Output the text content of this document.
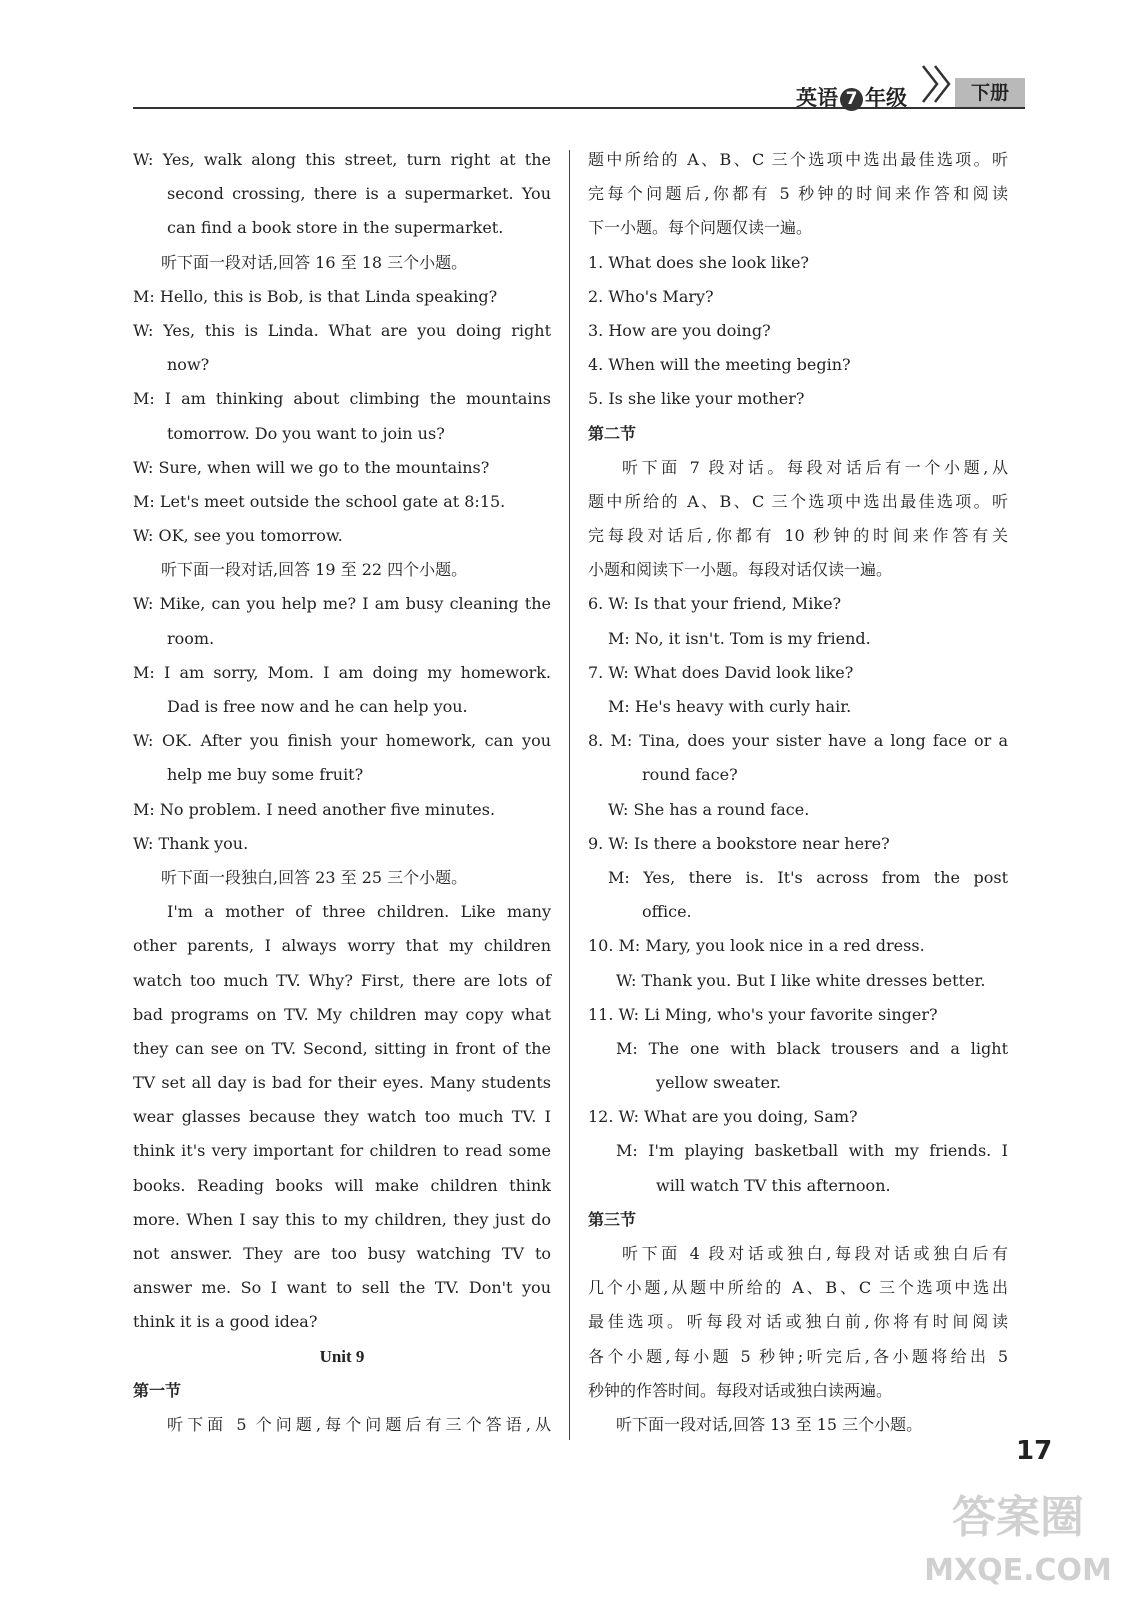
英语 7 年级	下册
W: Yes, walk along this street, turn right at the
second crossing, there is a supermarket. You
can find a book store in the supermarket.
听下面一段对话,回答 16 至 18 三个小题。
M: Hello, this is Bob, is that Linda speaking?
W: Yes, this is Linda. What are you doing right
now?
M: I am thinking about climbing the mountains
tomorrow. Do you want to join us?
W: Sure, when will we go to the mountains?
M: Let's meet outside the school gate at 8:15.
W: OK, see you tomorrow.
听下面一段对话,回答 19 至 22 四个小题。
W: Mike, can you help me? I am busy cleaning the
room.
M: I am sorry, Mom. I am doing my homework.
Dad is free now and he can help you.
W: OK. After you finish your homework, can you
help me buy some fruit?
M: No problem. I need another five minutes.
W: Thank you.
听下面一段独白,回答 23 至 25 三个小题。
I'm a mother of three children. Like many
other parents, I always worry that my children
watch too much TV. Why? First, there are lots of
bad programs on TV. My children may copy what
they can see on TV. Second, sitting in front of the
TV set all day is bad for their eyes. Many students
wear glasses because they watch too much TV. I
think it's very important for children to read some
books. Reading books will make children think
more. When I say this to my children, they just do
not answer. They are too busy watching TV to
answer me. So I want to sell the TV. Don't you
think it is a good idea?
Unit 9
第一节
听下面 5 个问题,每个问题后有三个答语,从
题中所给的 A、B、C 三个选项中选出最佳选项。听
完每个问题后,你都有 5 秒钟的时间来作答和阅读
下一小题。每个问题仅读一遍。
1. What does she look like?
2. Who's Mary?
3. How are you doing?
4. When will the meeting begin?
5. Is she like your mother?
第二节
听下面 7 段对话。每段对话后有一个小题,从
题中所给的 A、B、C 三个选项中选出最佳选项。听
完每段对话后,你都有 10 秒钟的时间来作答有关
小题和阅读下一小题。每段对话仅读一遍。
6. W: Is that your friend, Mike?
M: No, it isn't. Tom is my friend.
7. W: What does David look like?
M: He's heavy with curly hair.
8. M: Tina, does your sister have a long face or a
round face?
W: She has a round face.
9. W: Is there a bookstore near here?
M: Yes, there is. It's across from the post
office.
10. M: Mary, you look nice in a red dress.
W: Thank you. But I like white dresses better.
11. W: Li Ming, who's your favorite singer?
M: The one with black trousers and a light
yellow sweater.
12. W: What are you doing, Sam?
M: I'm playing basketball with my friends. I
will watch TV this afternoon.
第三节
听下面 4 段对话或独白,每段对话或独白后有
几个小题,从题中所给的 A、B、C 三个选项中选出
最佳选项。听每段对话或独白前,你将有时间阅读
各个小题,每小题 5 秒钟;听完后,各小题将给出 5
秒钟的作答时间。每段对话或独白读两遍。
听下面一段对话,回答 13 至 15 三个小题。
17
答案圈
MXQE.COM
